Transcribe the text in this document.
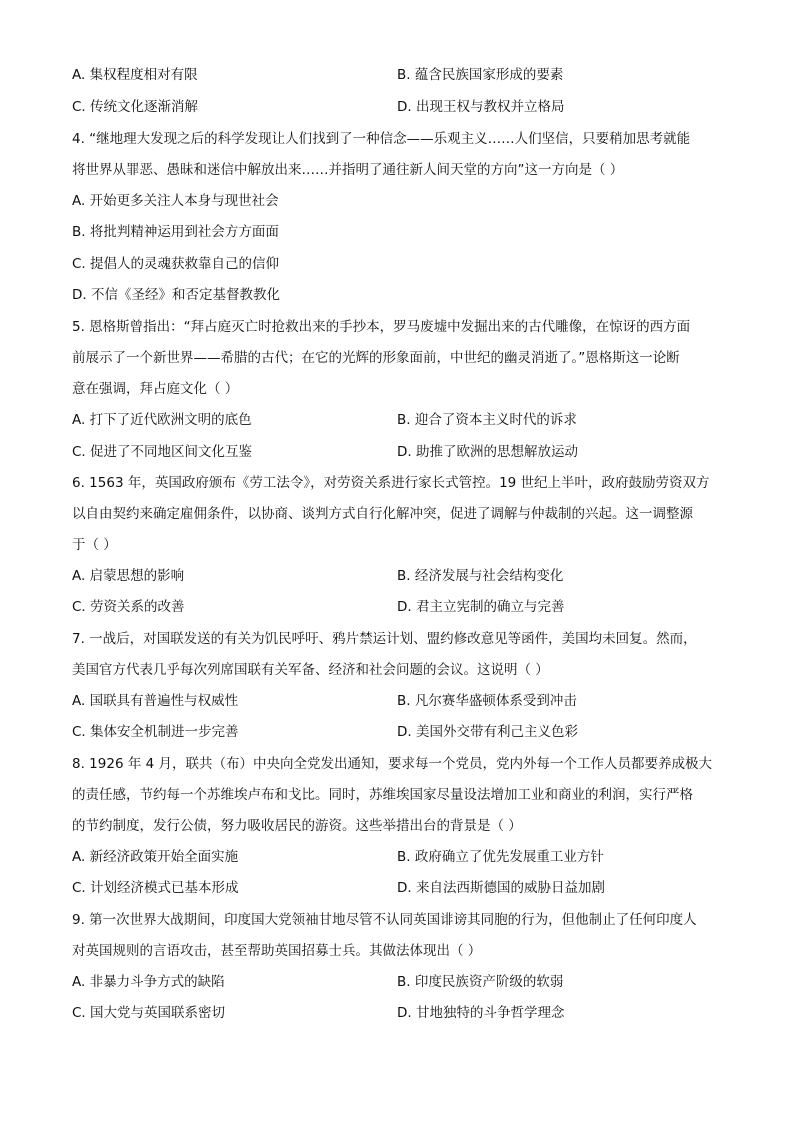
A. 集权程度相对有限	B. 蕴含民族国家形成的要素
C. 传统文化逐渐消解	D. 出现王权与教权并立格局
4. “继地理大发现之后的科学发现让人们找到了一种信念——乐观主义……人们坚信，只要稍加思考就能
将世界从罪恶、愚昧和迷信中解放出来……并指明了通往新人间天堂的方向”这一方向是（ ）
A. 开始更多关注人本身与现世社会
B. 将批判精神运用到社会方方面面
C. 提倡人的灵魂获救靠自己的信仰
D. 不信《圣经》和否定基督教教化
5. 恩格斯曾指出：“拜占庭灭亡时抢救出来的手抄本，罗马废墟中发掘出来的古代雕像，在惊讶的西方面
前展示了一个新世界——希腊的古代；在它的光辉的形象面前，中世纪的幽灵消逝了。”恩格斯这一论断
意在强调，拜占庭文化（ ）
A. 打下了近代欧洲文明的底色	B. 迎合了资本主义时代的诉求
C. 促进了不同地区间文化互鉴	D. 助推了欧洲的思想解放运动
6. 1563 年，英国政府颁布《劳工法令》，对劳资关系进行家长式管控。19 世纪上半叶，政府鼓励劳资双方
以自由契约来确定雇佣条件，以协商、谈判方式自行化解冲突，促进了调解与仲裁制的兴起。这一调整源
于（ ）
A. 启蒙思想的影响	B. 经济发展与社会结构变化
C. 劳资关系的改善	D. 君主立宪制的确立与完善
7. 一战后，对国联发送的有关为饥民呼吁、鸦片禁运计划、盟约修改意见等函件，美国均未回复。然而，
美国官方代表几乎每次列席国联有关军备、经济和社会问题的会议。这说明（ ）
A. 国联具有普遍性与权威性	B. 凡尔赛华盛顿体系受到冲击
C. 集体安全机制进一步完善	D. 美国外交带有利己主义色彩
8. 1926 年 4 月，联共（布）中央向全党发出通知，要求每一个党员，党内外每一个工作人员都要养成极大
的责任感，节约每一个苏维埃卢布和戈比。同时，苏维埃国家尽量设法增加工业和商业的利润，实行严格
的节约制度，发行公债，努力吸收居民的游资。这些举措出台的背景是（ ）
A. 新经济政策开始全面实施	B. 政府确立了优先发展重工业方针
C. 计划经济模式已基本形成	D. 来自法西斯德国的威胁日益加剧
9. 第一次世界大战期间，印度国大党领袖甘地尽管不认同英国诽谤其同胞的行为，但他制止了任何印度人
对英国规则的言语攻击，甚至帮助英国招募士兵。其做法体现出（ ）
A. 非暴力斗争方式的缺陷	B. 印度民族资产阶级的软弱
C. 国大党与英国联系密切	D. 甘地独特的斗争哲学理念
